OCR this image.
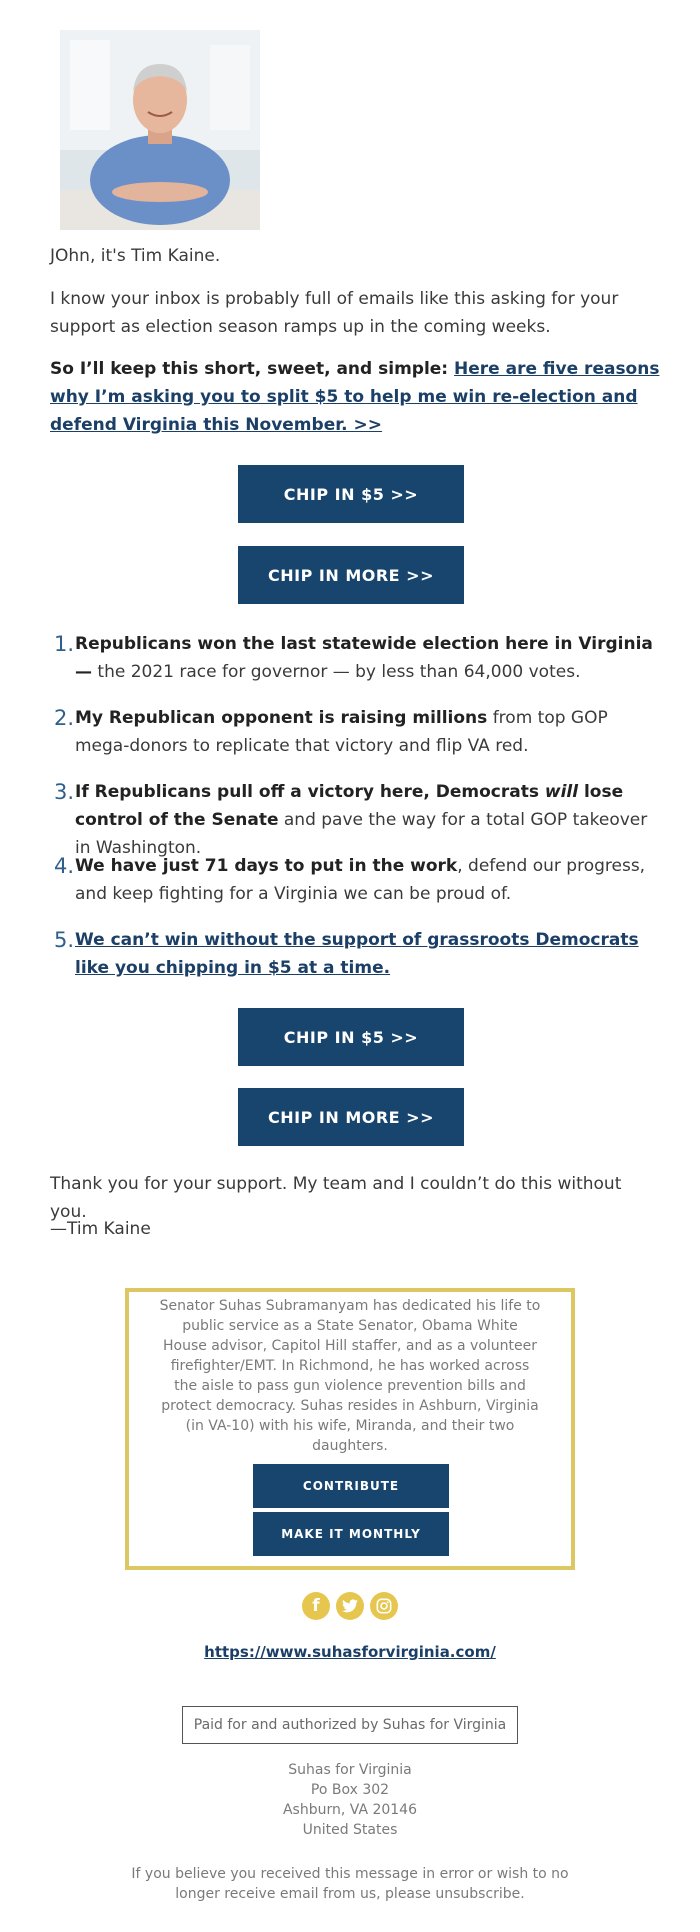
JOhn, it's Tim Kaine.

I know your inbox is probably full of emails like this asking for your support as election season ramps up in the coming weeks.

So I’ll keep this short, sweet, and simple: Here are five reasons why I’m asking you to split $5 to help me win re-election and defend Virginia this November. >>

CHIP IN $5 >>
CHIP IN MORE >>
1. Republicans won the last statewide election here in Virginia — the 2021 race for governor — by less than 64,000 votes.
2. My Republican opponent is raising millions from top GOP mega-donors to replicate that victory and flip VA red.
3. If Republicans pull off a victory here, Democrats will lose control of the Senate and pave the way for a total GOP takeover in Washington.
4. We have just 71 days to put in the work, defend our progress, and keep fighting for a Virginia we can be proud of.
5. We can’t win without the support of grassroots Democrats like you chipping in $5 at a time.
CHIP IN $5 >>
CHIP IN MORE >>

Thank you for your support. My team and I couldn’t do this without you.

—Tim Kaine

Senator Suhas Subramanyam has dedicated his life to public service as a State Senator, Obama White House advisor, Capitol Hill staffer, and as a volunteer firefighter/EMT. In Richmond, he has worked across the aisle to pass gun violence prevention bills and protect democracy. Suhas resides in Ashburn, Virginia (in VA-10) with his wife, Miranda, and their two daughters.

CONTRIBUTE
MAKE IT MONTHLY
f
https://www.suhasforvirginia.com/
Paid for and authorized by Suhas for Virginia
Suhas for Virginia
Po Box 302
Ashburn, VA 20146
United States

If you believe you received this message in error or wish to no longer receive email from us, please unsubscribe.
